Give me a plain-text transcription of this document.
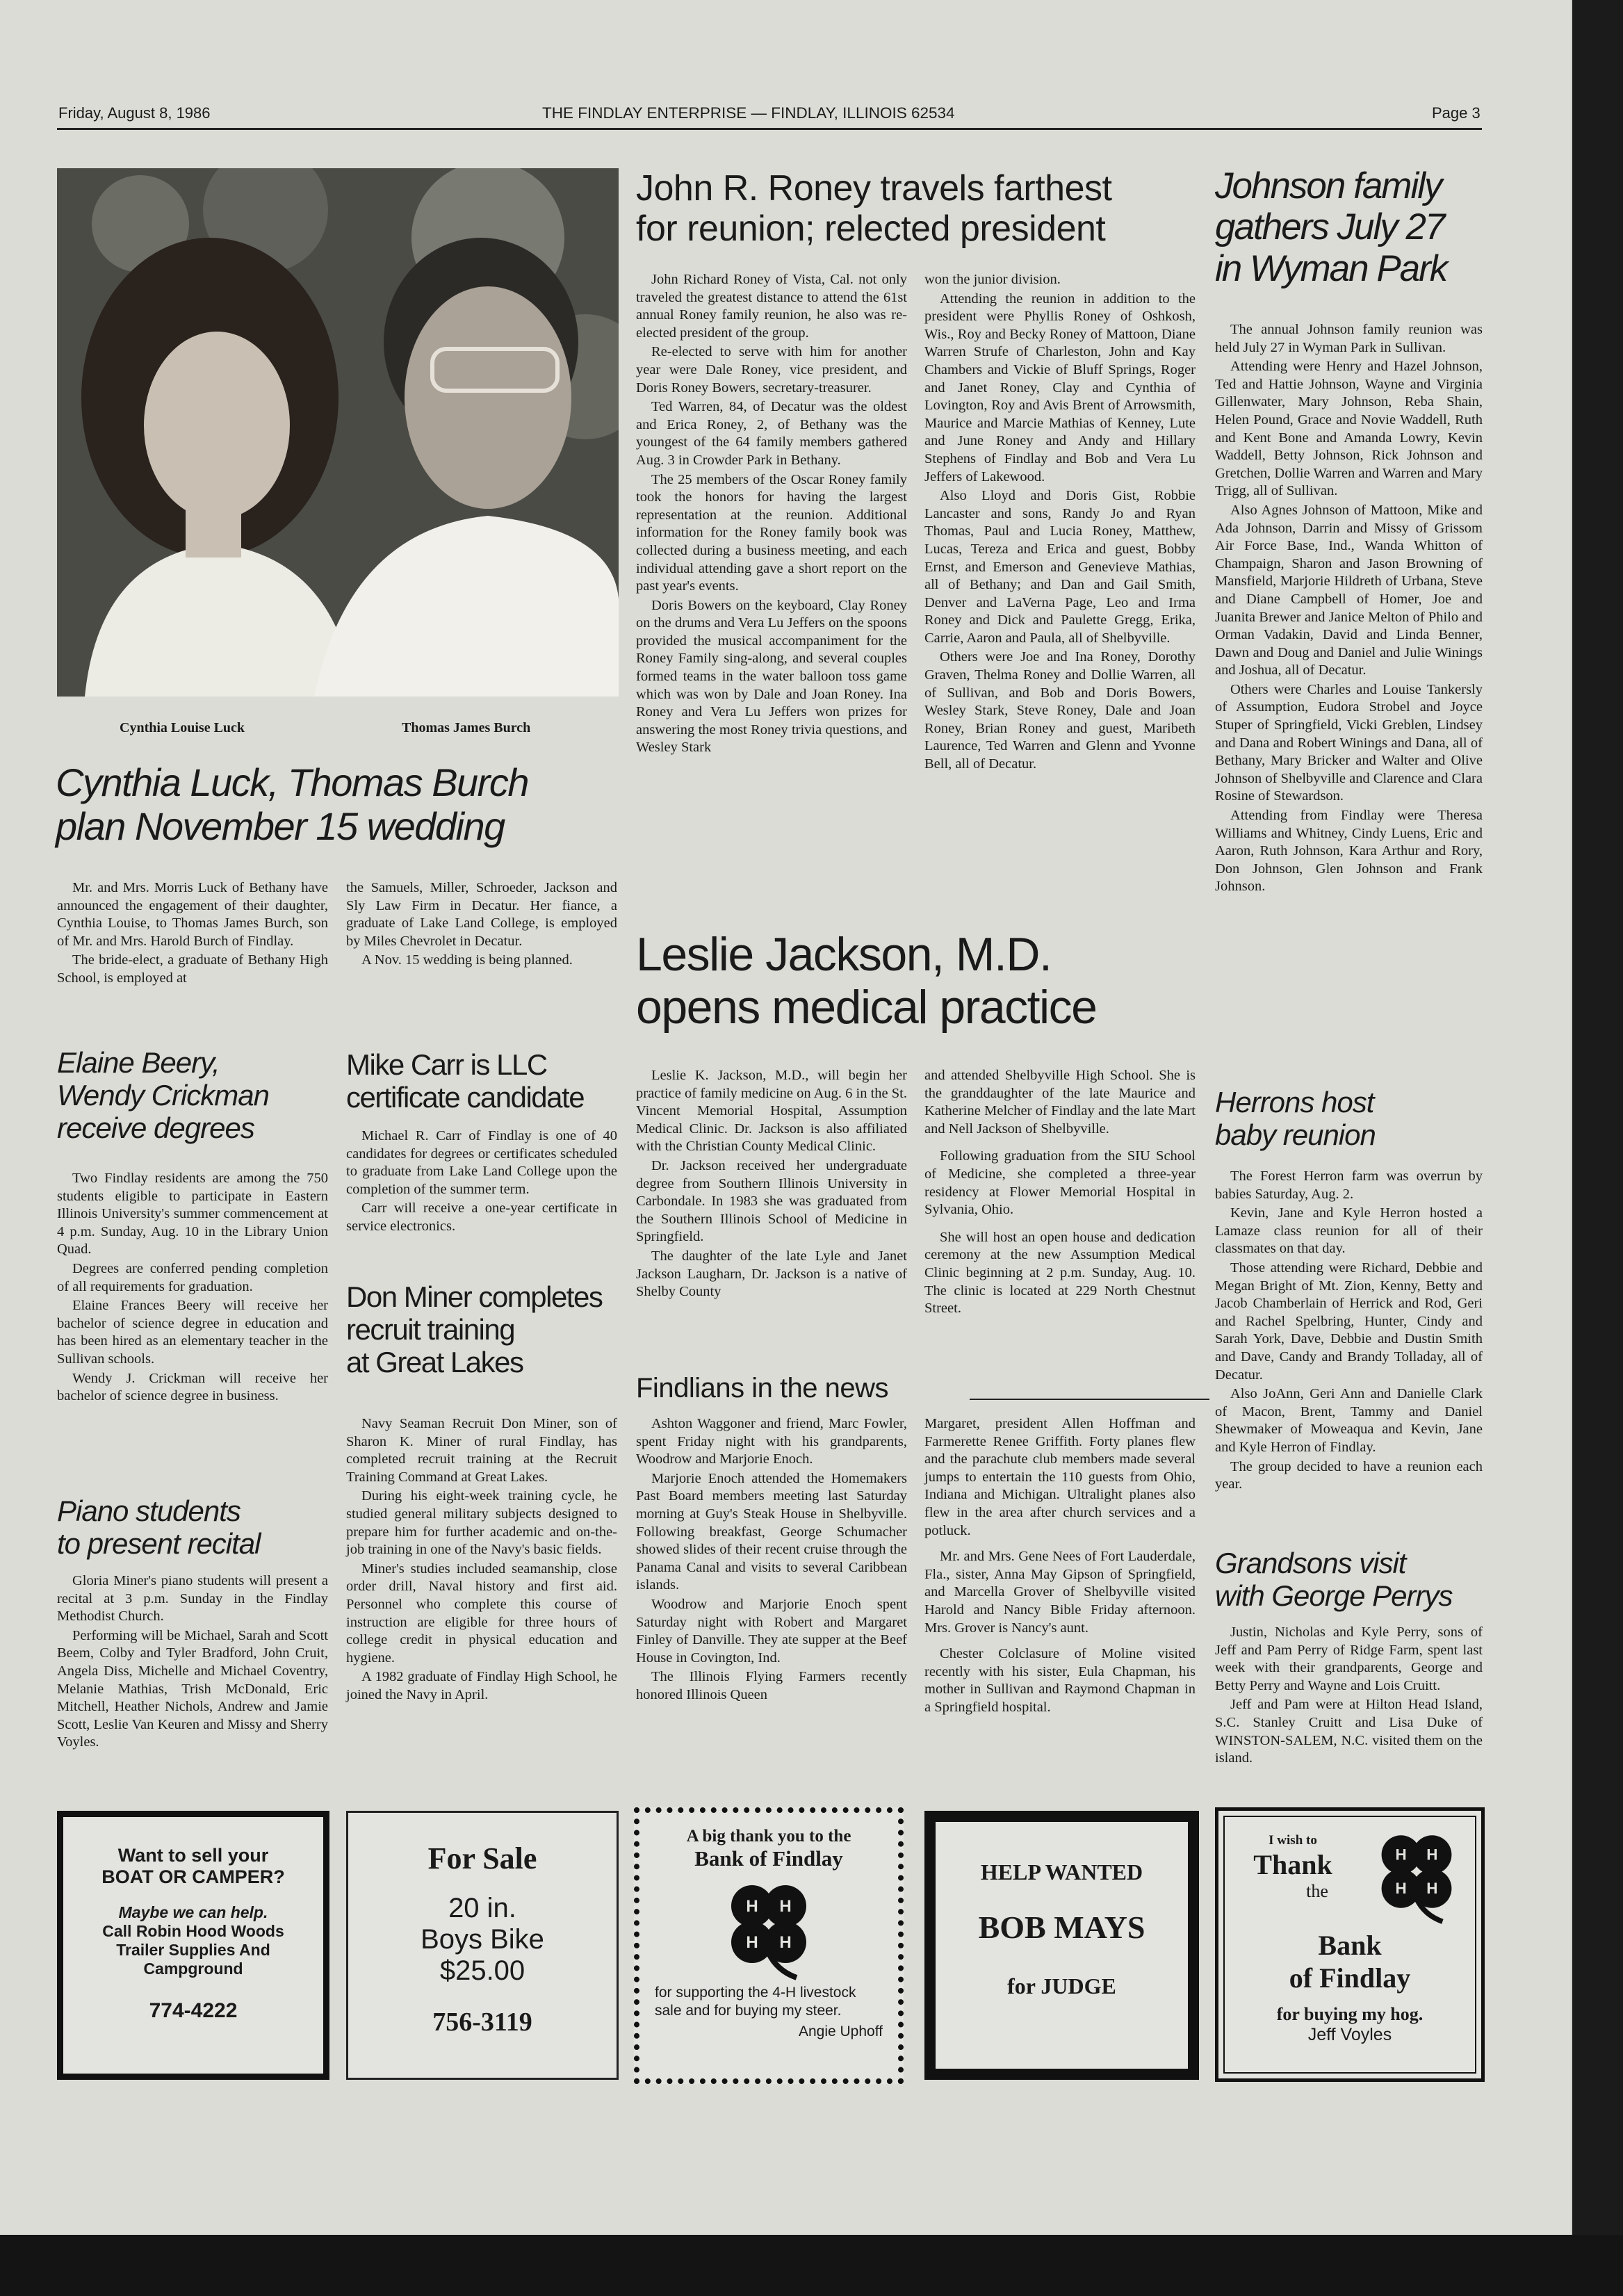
Friday, August 8, 1986	THE FINDLAY ENTERPRISE — FINDLAY, ILLINOIS 62534	Page 3
Cynthia Louise Luck	Thomas James Burch
Cynthia Luck, Thomas Burch
plan November 15 wedding

Mr. and Mrs. Morris Luck of Bethany have announced the engagement of their daughter, Cynthia Louise, to Thomas James Burch, son of Mr. and Mrs. Harold Burch of Findlay.

The bride-elect, a graduate of Bethany High School, is employed at

the Samuels, Miller, Schroeder, Jackson and Sly Law Firm in Decatur. Her fiance, a graduate of Lake Land College, is employed by Miles Chevrolet in Decatur.

A Nov. 15 wedding is being planned.

Elaine Beery,
Wendy Crickman
receive degrees

Two Findlay residents are among the 750 students eligible to participate in Eastern Illinois University's summer commencement at 4 p.m. Sunday, Aug. 10 in the Library Union Quad.

Degrees are conferred pending completion of all requirements for graduation.

Elaine Frances Beery will receive her bachelor of science degree in education and has been hired as an elementary teacher in the Sullivan schools.

Wendy J. Crickman will receive her bachelor of science degree in business.

Piano students
to present recital

Gloria Miner's piano students will present a recital at 3 p.m. Sunday in the Findlay Methodist Church.

Performing will be Michael, Sarah and Scott Beem, Colby and Tyler Bradford, John Cruit, Angela Diss, Michelle and Michael Coventry, Melanie Mathias, Trish McDonald, Eric Mitchell, Heather Nichols, Andrew and Jamie Scott, Leslie Van Keuren and Missy and Sherry Voyles.

Mike Carr is LLC
certificate candidate

Michael R. Carr of Findlay is one of 40 candidates for degrees or certificates scheduled to graduate from Lake Land College upon the completion of the summer term.

Carr will receive a one-year certificate in service electronics.

Don Miner completes
recruit training
at Great Lakes

Navy Seaman Recruit Don Miner, son of Sharon K. Miner of rural Findlay, has completed recruit training at the Recruit Training Command at Great Lakes.

During his eight-week training cycle, he studied general military subjects designed to prepare him for further academic and on-the-job training in one of the Navy's basic fields.

Miner's studies included seamanship, close order drill, Naval history and first aid. Personnel who complete this course of instruction are eligible for three hours of college credit in physical education and hygiene.

A 1982 graduate of Findlay High School, he joined the Navy in April.

John R. Roney travels farthest
for reunion; relected president

John Richard Roney of Vista, Cal. not only traveled the greatest distance to attend the 61st annual Roney family reunion, he also was re-elected president of the group.

Re-elected to serve with him for another year were Dale Roney, vice president, and Doris Roney Bowers, secretary-treasurer.

Ted Warren, 84, of Decatur was the oldest and Erica Roney, 2, of Bethany was the youngest of the 64 family members gathered Aug. 3 in Crowder Park in Bethany.

The 25 members of the Oscar Roney family took the honors for having the largest representation at the reunion. Additional information for the Roney family book was collected during a business meeting, and each individual attending gave a short report on the past year's events.

Doris Bowers on the keyboard, Clay Roney on the drums and Vera Lu Jeffers on the spoons provided the musical accompaniment for the Roney Family sing-along, and several couples formed teams in the water balloon toss game which was won by Dale and Joan Roney. Ina Roney and Vera Lu Jeffers won prizes for answering the most Roney trivia questions, and Wesley Stark

won the junior division.

Attending the reunion in addition to the president were Phyllis Roney of Oshkosh, Wis., Roy and Becky Roney of Mattoon, Diane Warren Strufe of Charleston, John and Kay Chambers and Vickie of Bluff Springs, Roger and Janet Roney, Clay and Cynthia of Lovington, Roy and Avis Brent of Arrowsmith, Maurice and Marcie Mathias of Kenney, Lute and June Roney and Andy and Hillary Stephens of Findlay and Bob and Vera Lu Jeffers of Lakewood.

Also Lloyd and Doris Gist, Robbie Lancaster and sons, Randy Jo and Ryan Thomas, Paul and Lucia Roney, Matthew, Lucas, Tereza and Erica and guest, Bobby Ernst, and Emerson and Genevieve Mathias, all of Bethany; and Dan and Gail Smith, Denver and LaVerna Page, Leo and Irma Roney and Dick and Paulette Gregg, Erika, Carrie, Aaron and Paula, all of Shelbyville.

Others were Joe and Ina Roney, Dorothy Graven, Thelma Roney and Dollie Warren, all of Sullivan, and Bob and Doris Bowers, Wesley Stark, Steve Roney, Dale and Joan Roney, Brian Roney and guest, Maribeth Laurence, Ted Warren and Glenn and Yvonne Bell, all of Decatur.

Leslie Jackson, M.D.
opens medical practice

Leslie K. Jackson, M.D., will begin her practice of family medicine on Aug. 6 in the St. Vincent Memorial Hospital, Assumption Medical Clinic. Dr. Jackson is also affiliated with the Christian County Medical Clinic.

Dr. Jackson received her undergraduate degree from Southern Illinois University in Carbondale. In 1983 she was graduated from the Southern Illinois School of Medicine in Springfield.

The daughter of the late Lyle and Janet Jackson Laugharn, Dr. Jackson is a native of Shelby County

and attended Shelbyville High School. She is the granddaughter of the late Maurice and Katherine Melcher of Findlay and the late Mart and Nell Jackson of Shelbyville.

Following graduation from the SIU School of Medicine, she completed a three-year residency at Flower Memorial Hospital in Sylvania, Ohio.

She will host an open house and dedication ceremony at the new Assumption Medical Clinic beginning at 2 p.m. Sunday, Aug. 10. The clinic is located at 229 North Chestnut Street.

Findlians in the news

Ashton Waggoner and friend, Marc Fowler, spent Friday night with his grandparents, Woodrow and Marjorie Enoch.

Marjorie Enoch attended the Homemakers Past Board members meeting last Saturday morning at Guy's Steak House in Shelbyville. Following breakfast, George Schumacher showed slides of their recent cruise through the Panama Canal and visits to several Caribbean islands.

Woodrow and Marjorie Enoch spent Saturday night with Robert and Margaret Finley of Danville. They ate supper at the Beef House in Covington, Ind.

The Illinois Flying Farmers recently honored Illinois Queen

Margaret, president Allen Hoffman and Farmerette Renee Griffith. Forty planes flew and the parachute club members made several jumps to entertain the 110 guests from Ohio, Indiana and Michigan. Ultralight planes also flew in the area after church services and a potluck.

Mr. and Mrs. Gene Nees of Fort Lauderdale, Fla., sister, Anna May Gipson of Springfield, and Marcella Grover of Shelbyville visited Harold and Nancy Bible Friday afternoon. Mrs. Grover is Nancy's aunt.

Chester Colclasure of Moline visited recently with his sister, Eula Chapman, his mother in Sullivan and Raymond Chapman in a Springfield hospital.

Johnson family
gathers July 27
in Wyman Park

The annual Johnson family reunion was held July 27 in Wyman Park in Sullivan.

Attending were Henry and Hazel Johnson, Ted and Hattie Johnson, Wayne and Virginia Gillenwater, Mary Johnson, Reba Shain, Helen Pound, Grace and Novie Waddell, Ruth and Kent Bone and Amanda Lowry, Kevin Waddell, Betty Johnson, Rick Johnson and Gretchen, Dollie Warren and Warren and Mary Trigg, all of Sullivan.

Also Agnes Johnson of Mattoon, Mike and Ada Johnson, Darrin and Missy of Grissom Air Force Base, Ind., Wanda Whitton of Champaign, Sharon and Jason Browning of Mansfield, Marjorie Hildreth of Urbana, Steve and Diane Campbell of Homer, Joe and Juanita Brewer and Janice Melton of Philo and Orman Vadakin, David and Linda Benner, Dawn and Doug and Daniel and Julie Winings and Joshua, all of Decatur.

Others were Charles and Louise Tankersly of Assumption, Eudora Strobel and Joyce Stuper of Springfield, Vicki Greblen, Lindsey and Dana and Robert Winings and Dana, all of Bethany, Mary Bricker and Walter and Olive Johnson of Shelbyville and Clarence and Clara Rosine of Stewardson.

Attending from Findlay were Theresa Williams and Whitney, Cindy Luens, Eric and Aaron, Ruth Johnson, Kara Arthur and Rory, Don Johnson, Glen Johnson and Frank Johnson.

Herrons host
baby reunion

The Forest Herron farm was overrun by babies Saturday, Aug. 2.

Kevin, Jane and Kyle Herron hosted a Lamaze class reunion for all of their classmates on that day.

Those attending were Richard, Debbie and Megan Bright of Mt. Zion, Kenny, Betty and Jacob Chamberlain of Herrick and Rod, Geri and Rachel Spelbring, Hunter, Cindy and Sarah York, Dave, Debbie and Dustin Smith and Dave, Candy and Brandy Tolladay, all of Decatur.

Also JoAnn, Geri Ann and Danielle Clark of Macon, Brent, Tammy and Daniel Shewmaker of Moweaqua and Kevin, Jane and Kyle Herron of Findlay.

The group decided to have a reunion each year.

Grandsons visit
with George Perrys

Justin, Nicholas and Kyle Perry, sons of Jeff and Pam Perry of Ridge Farm, spent last week with their grandparents, George and Betty Perry and Wayne and Lois Cruitt.

Jeff and Pam were at Hilton Head Island, S.C. Stanley Cruitt and Lisa Duke of WINSTON-SALEM, N.C. visited them on the island.

Want to sell your
BOAT OR CAMPER?
Maybe we can help.
Call Robin Hood Woods
Trailer Supplies And
Campground
774-4222
For Sale
20 in.
Boys Bike
$25.00
756-3119
A big thank you to the
Bank of Findlay
H H
H H
for supporting the 4-H livestock sale and for buying my steer.
Angie Uphoff
HELP WANTED
BOB MAYS
for JUDGE
I wish to
Thank
the
H H
H H
Bank
of Findlay
for buying my hog.
Jeff Voyles
